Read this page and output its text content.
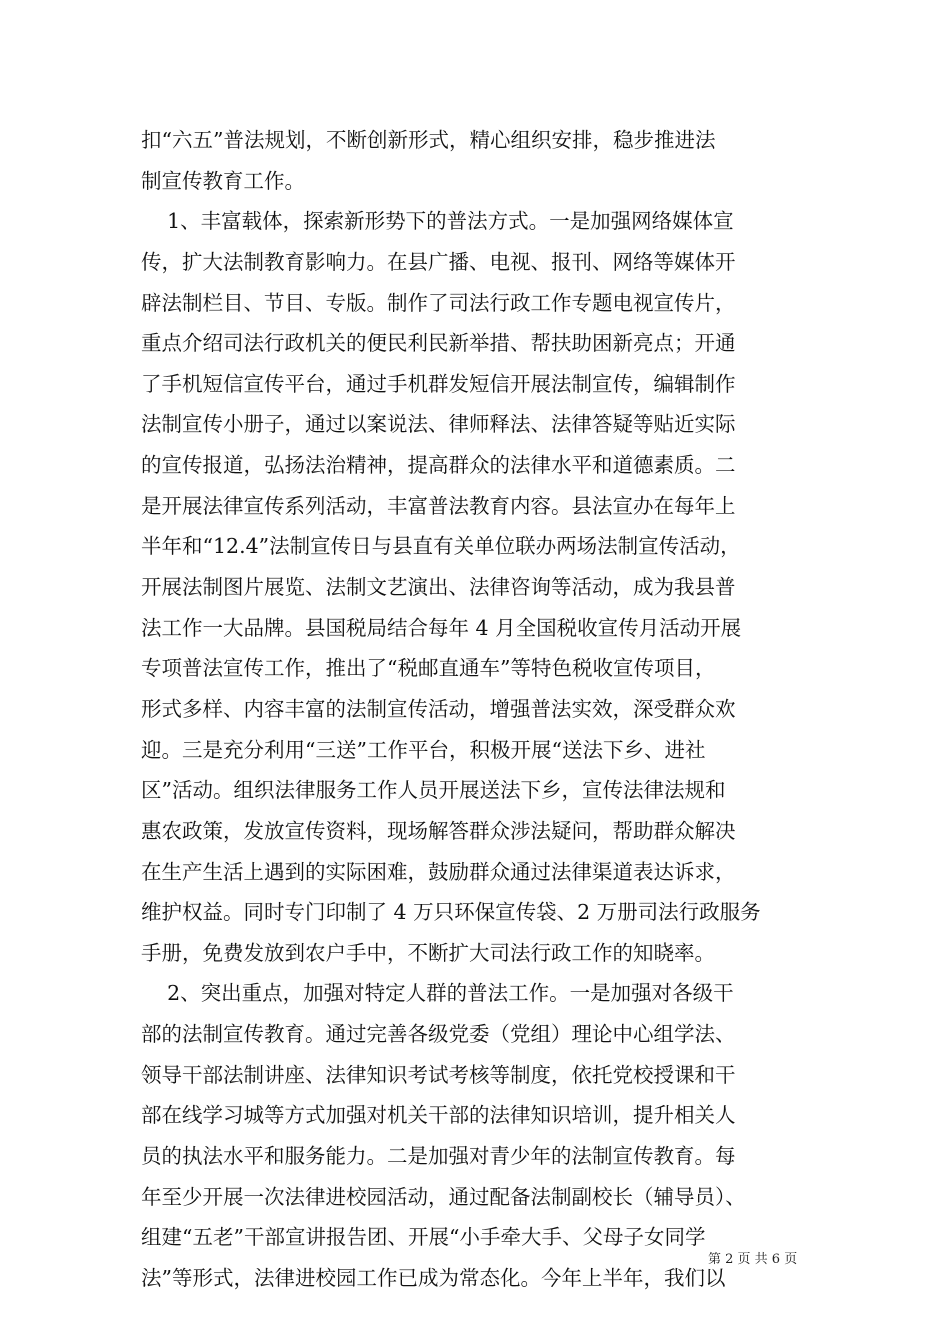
扣“六五”普法规划，不断创新形式，精心组织安排，稳步推进法
制宣传教育工作。
1、丰富载体，探索新形势下的普法方式。一是加强网络媒体宣
传，扩大法制教育影响力。在县广播、电视、报刊、网络等媒体开
辟法制栏目、节目、专版。制作了司法行政工作专题电视宣传片，
重点介绍司法行政机关的便民利民新举措、帮扶助困新亮点；开通
了手机短信宣传平台，通过手机群发短信开展法制宣传，编辑制作
法制宣传小册子，通过以案说法、律师释法、法律答疑等贴近实际
的宣传报道，弘扬法治精神，提高群众的法律水平和道德素质。二
是开展法律宣传系列活动，丰富普法教育内容。县法宣办在每年上
半年和“12.4”法制宣传日与县直有关单位联办两场法制宣传活动，
开展法制图片展览、法制文艺演出、法律咨询等活动，成为我县普
法工作一大品牌。县国税局结合每年 4 月全国税收宣传月活动开展
专项普法宣传工作，推出了“税邮直通车”等特色税收宣传项目，
形式多样、内容丰富的法制宣传活动，增强普法实效，深受群众欢
迎。三是充分利用“三送”工作平台，积极开展“送法下乡、进社
区”活动。组织法律服务工作人员开展送法下乡，宣传法律法规和
惠农政策，发放宣传资料，现场解答群众涉法疑问，帮助群众解决
在生产生活上遇到的实际困难，鼓励群众通过法律渠道表达诉求，
维护权益。同时专门印制了 4 万只环保宣传袋、2 万册司法行政服务
手册，免费发放到农户手中，不断扩大司法行政工作的知晓率。
2、突出重点，加强对特定人群的普法工作。一是加强对各级干
部的法制宣传教育。通过完善各级党委（党组）理论中心组学法、
领导干部法制讲座、法律知识考试考核等制度，依托党校授课和干
部在线学习城等方式加强对机关干部的法律知识培训，提升相关人
员的执法水平和服务能力。二是加强对青少年的法制宣传教育。每
年至少开展一次法律进校园活动，通过配备法制副校长（辅导员）、
组建“五老”干部宣讲报告团、开展“小手牵大手、父母子女同学
法”等形式，法律进校园工作已成为常态化。今年上半年，我们以
第 2 页 共 6 页
